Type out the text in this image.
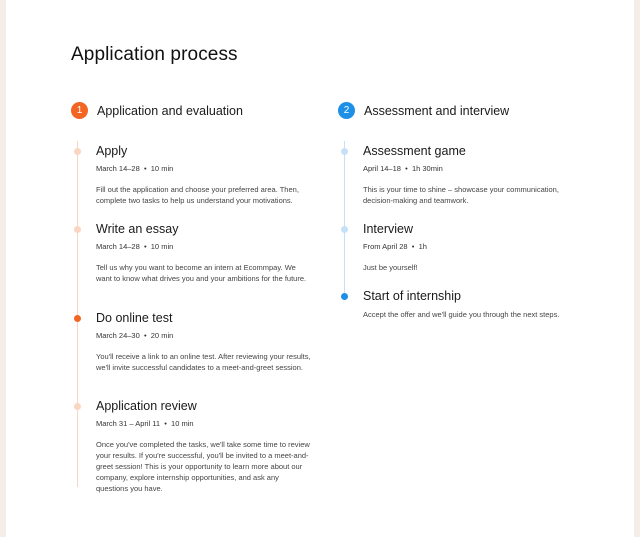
Application process
1	Application and evaluation
Apply
March 14–28 • 10 min

Fill out the application and choose your preferred area. Then, complete two tasks to help us understand your motivations.

Write an essay
March 14–28 • 10 min

Tell us why you want to become an intern at Ecommpay. We want to know what drives you and your ambitions for the future.

Do online test
March 24–30 • 20 min

You'll receive a link to an online test. After reviewing your results, we'll invite successful candidates to a meet-and-greet session.

Application review
March 31 – April 11 • 10 min

Once you've completed the tasks, we'll take some time to review your results. If you're successful, you'll be invited to a meet-and-greet session! This is your opportunity to learn more about our company, explore internship opportunities, and ask any questions you have.

2	Assessment and interview
Assessment game
April 14–18 • 1h 30min

This is your time to shine – showcase your communication, decision-making and teamwork.

Interview
From April 28 • 1h

Just be yourself!

Start of internship

Accept the offer and we'll guide you through the next steps.
